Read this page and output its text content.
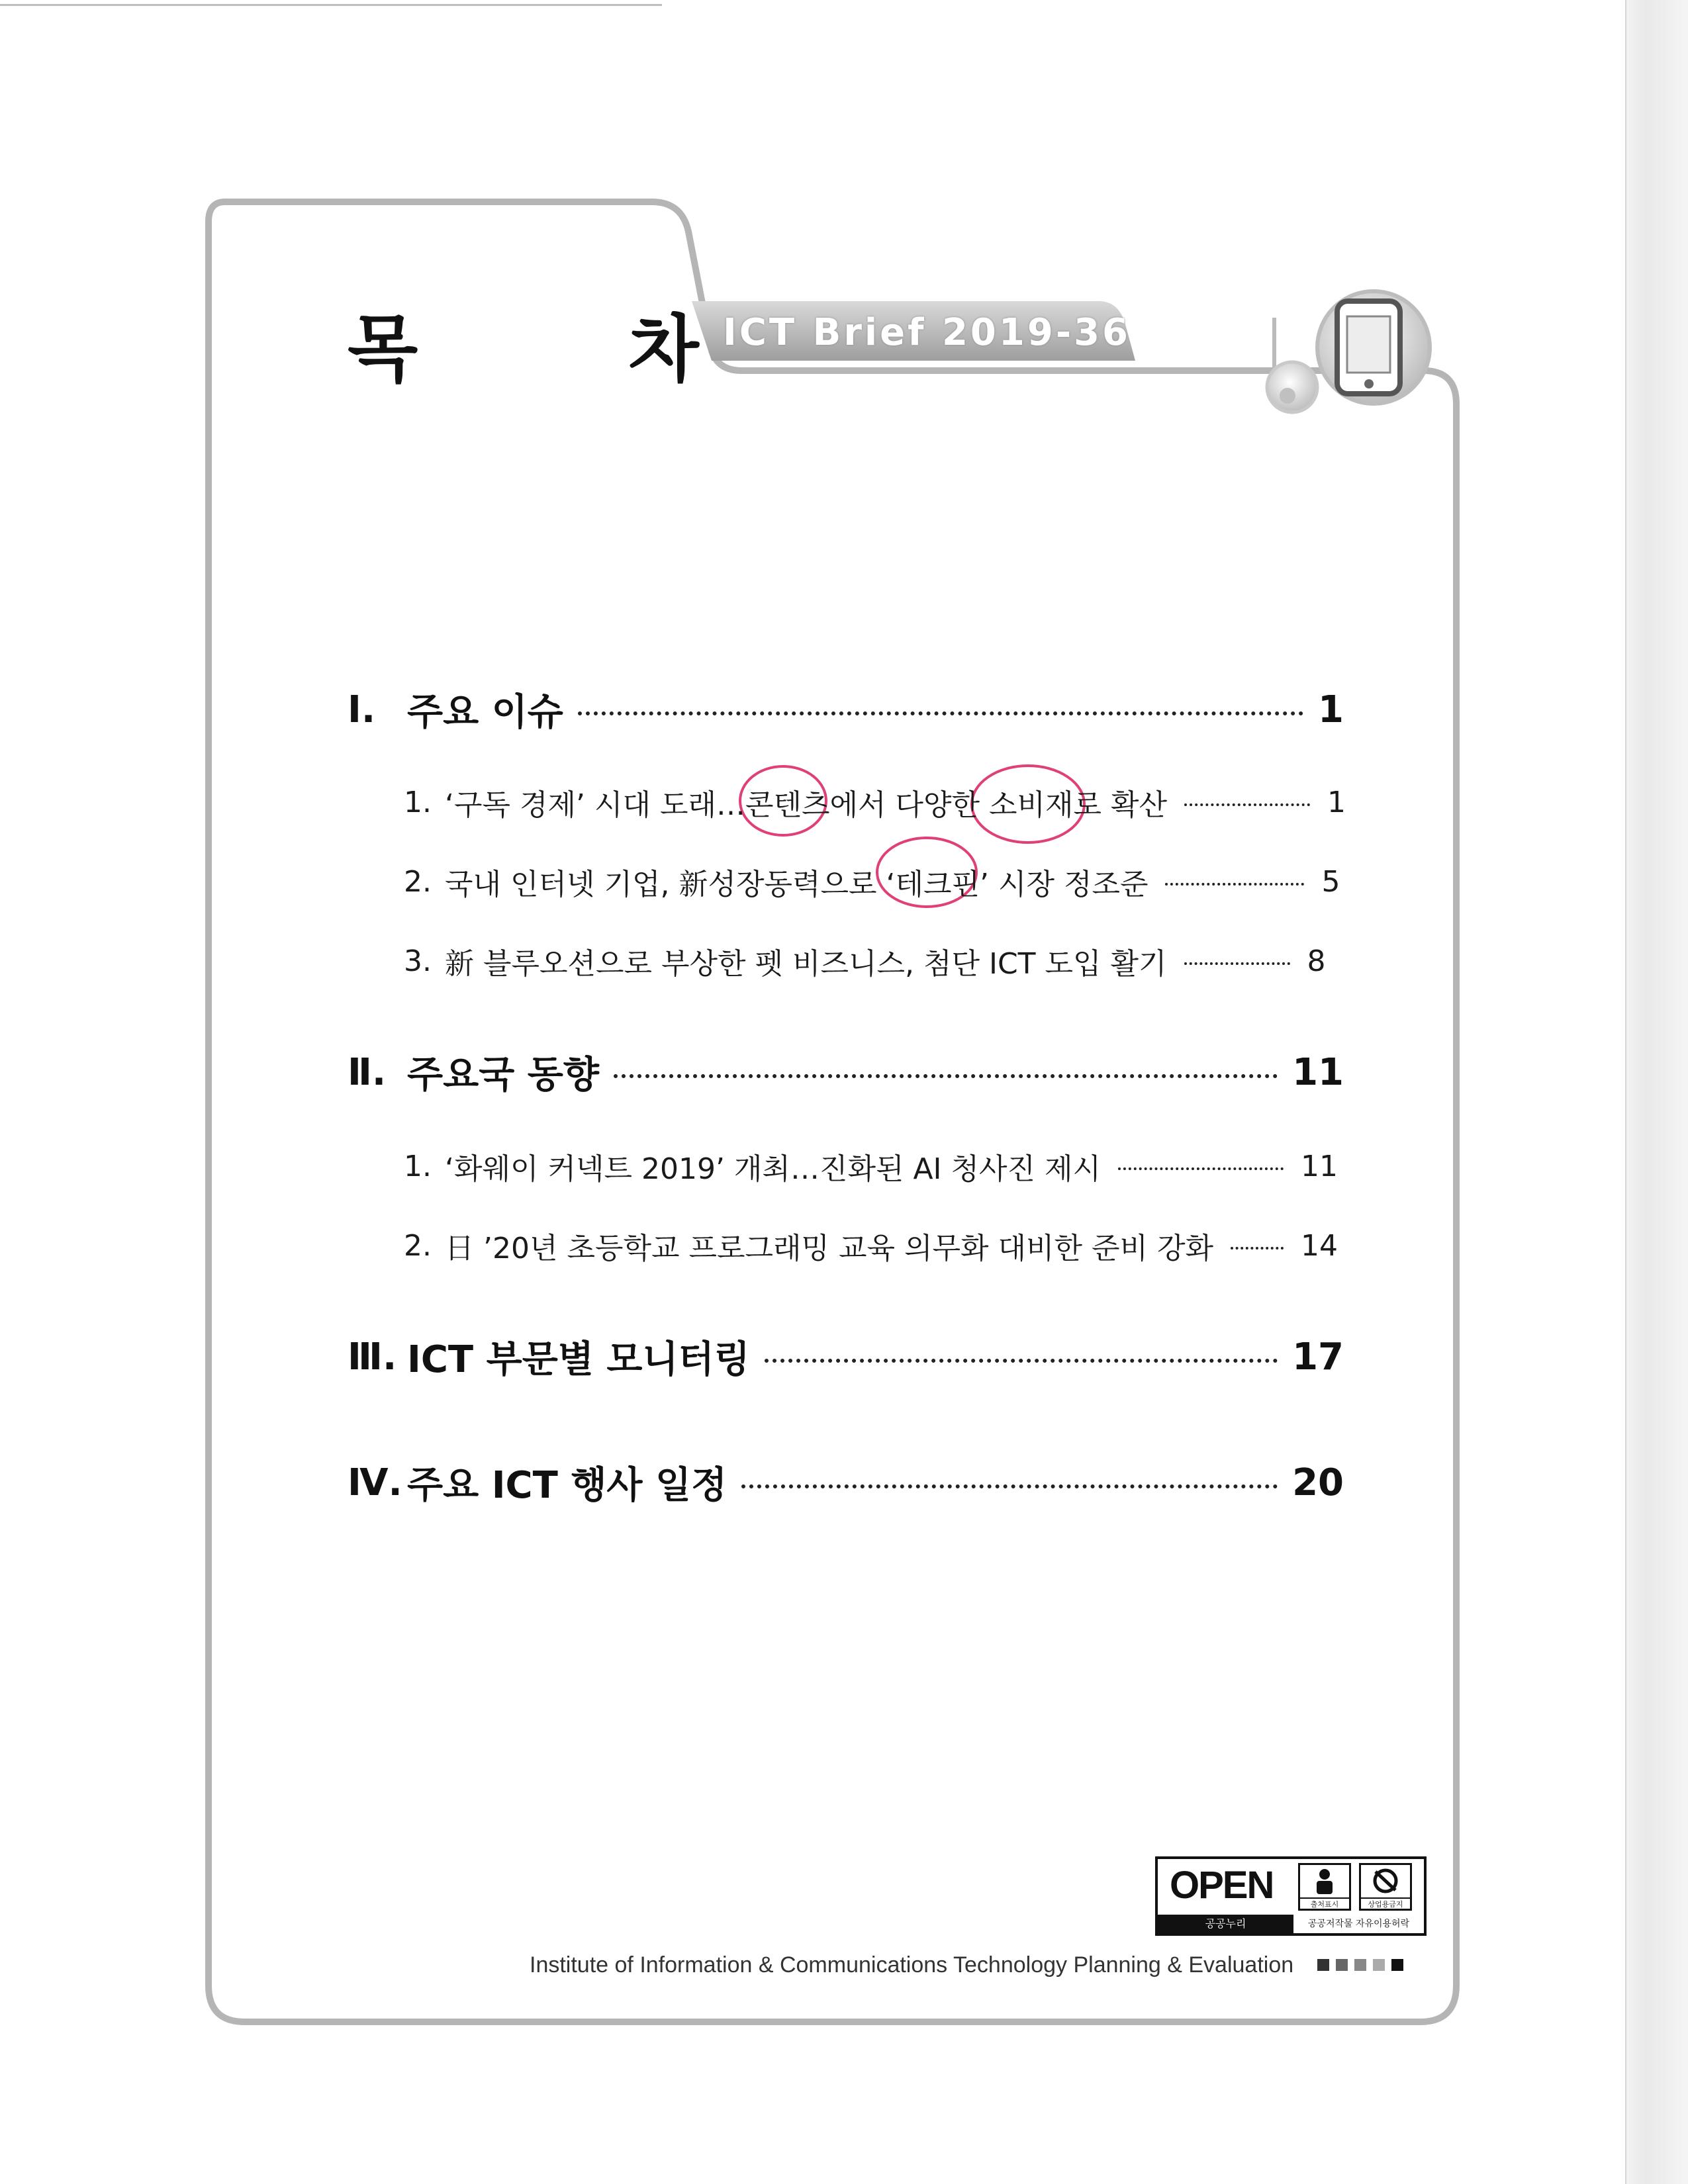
목 차
ICT Brief 2019-36
Ⅰ. 주요 이슈	1
1. ‘구독 경제’ 시대 도래…콘텐츠에서 다양한 소비재로 확산	1
2. 국내 인터넷 기업, 新성장동력으로 ‘테크핀’ 시장 정조준	5
3. 新 블루오션으로 부상한 펫 비즈니스, 첨단 ICT 도입 활기	8
Ⅱ. 주요국 동향	11
1. ‘화웨이 커넥트 2019’ 개최…진화된 AI 청사진 제시	11
2. 日 ’20년 초등학교 프로그래밍 교육 의무화 대비한 준비 강화	14
Ⅲ. ICT 부문별 모니터링	17
Ⅳ. 주요 ICT 행사 일정	20
OPEN	출처표시	상업용금지
공공누리	공공저작물 자유이용허락
Institute of Information & Communications Technology Planning & Evaluation
